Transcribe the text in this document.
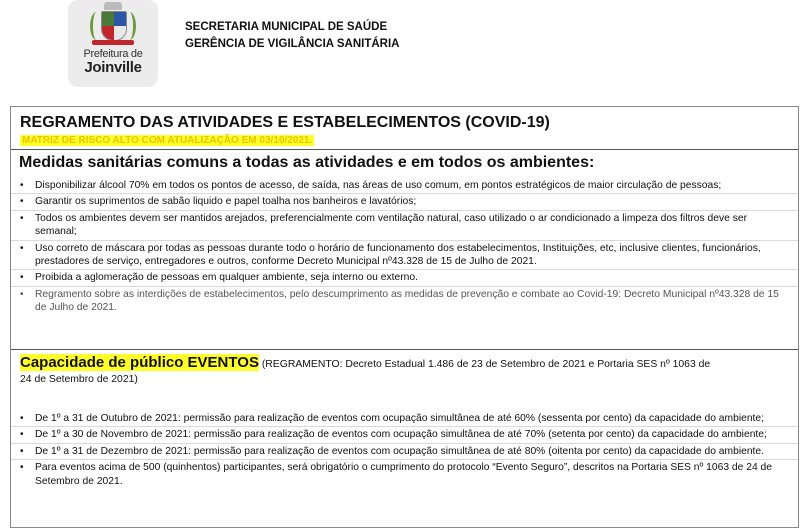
Prefeitura de
Joinville
SECRETARIA MUNICIPAL DE SAÚDE
GERÊNCIA DE VIGILÂNCIA SANITÁRIA
REGRAMENTO DAS ATIVIDADES E ESTABELECIMENTOS (COVID-19)
MATRIZ DE RISCO ALTO COM ATUALIZAÇÃO EM 03/10/2021.
Medidas sanitárias comuns a todas as atividades e em todos os ambientes:
• Disponibilizar álcool 70% em todos os pontos de acesso, de saída, nas áreas de uso comum, em pontos estratégicos de maior circulação de pessoas;
• Garantir os suprimentos de sabão liquido e papel toalha nos banheiros e lavatórios;
• Todos os ambientes devem ser mantidos arejados, preferencialmente com ventilação natural, caso utilizado o ar condicionado a limpeza dos filtros deve ser semanal;
• Uso correto de máscara por todas as pessoas durante todo o horário de funcionamento dos estabelecimentos, Instituições, etc, inclusive clientes, funcionários, prestadores de serviço, entregadores e outros, conforme Decreto Municipal nº43.328 de 15 de Julho de 2021.
• Proibida a aglomeração de pessoas em qualquer ambiente, seja interno ou externo.
• Regramento sobre as interdições de estabelecimentos, pelo descumprimento as medidas de prevenção e combate ao Covid-19: Decreto Municipal nº43.328 de 15 de Julho de 2021.
Capacidade de público EVENTOS (REGRAMENTO: Decreto Estadual 1.486 de 23 de Setembro de 2021 e Portaria SES nº 1063 de 24 de Setembro de 2021)
• De 1º a 31 de Outubro de 2021: permissão para realização de eventos com ocupação simultânea de até 60% (sessenta por cento) da capacidade do ambiente;
• De 1º a 30 de Novembro de 2021: permissão para realização de eventos com ocupação simultânea de até 70% (setenta por cento) da capacidade do ambiente;
• De 1º a 31 de Dezembro de 2021: permissão para realização de eventos com ocupação simultânea de até 80% (oitenta por cento) da capacidade do ambiente.
• Para eventos acima de 500 (quinhentos) participantes, será obrigatório o cumprimento do protocolo “Evento Seguro”, descritos na Portaria SES nº 1063 de 24 de Setembro de 2021.
